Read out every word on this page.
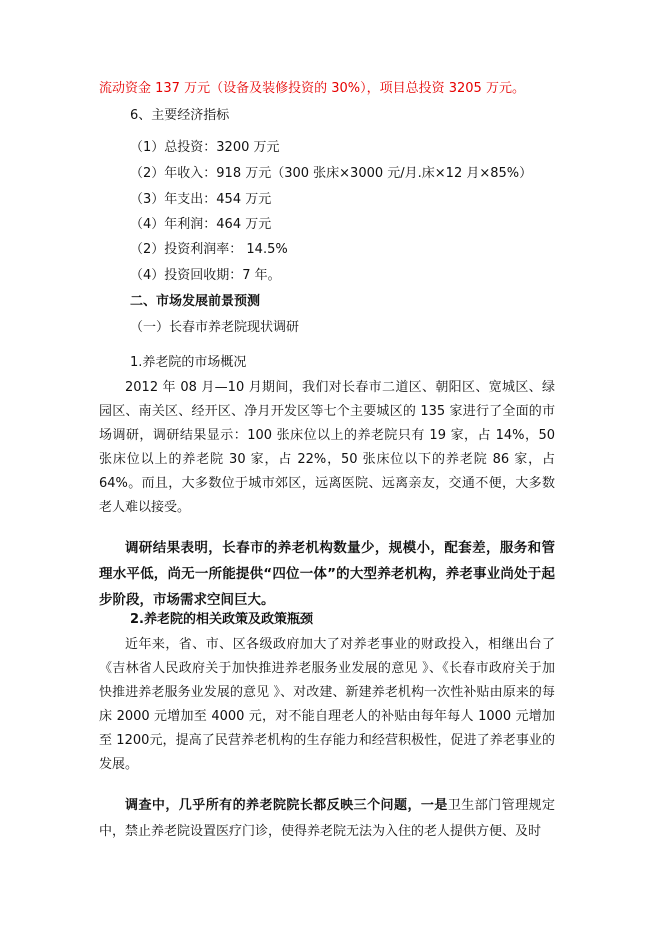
流动资金 137 万元（设备及装修投资的 30%），项目总投资 3205 万元。
6、主要经济指标
（1）总投资：3200 万元
（2）年收入：918 万元（300 张床×3000 元/月.床×12 月×85%）
（3）年支出：454 万元
（4）年利润：464 万元
（2）投资利润率： 14.5%
（4）投资回收期：7 年。
二、市场发展前景预测
（一）长春市养老院现状调研
1.养老院的市场概况
2012 年 08 月—10 月期间，我们对长春市二道区、朝阳区、宽城区、绿园区、南关区、经开区、净月开发区等七个主要城区的 135 家进行了全面的市场调研，调研结果显示：100 张床位以上的养老院只有 19 家，占 14%，50 张床位以上的养老院 30 家，占 22%，50 张床位以下的养老院 86 家，占 64%。而且，大多数位于城市郊区，远离医院、远离亲友，交通不便，大多数老人难以接受。
调研结果表明，长春市的养老机构数量少，规模小，配套差，服务和管理水平低，尚无一所能提供“四位一体”的大型养老机构，养老事业尚处于起步阶段，市场需求空间巨大。
2.养老院的相关政策及政策瓶颈
近年来，省、市、区各级政府加大了对养老事业的财政投入，相继出台了《吉林省人民政府关于加快推进养老服务业发展的意见 》、《长春市政府关于加快推进养老服务业发展的意见 》、对改建、新建养老机构一次性补贴由原来的每床 2000 元增加至 4000 元，对不能自理老人的补贴由每年每人 1000 元增加至 1200元，提高了民营养老机构的生存能力和经营积极性，促进了养老事业的发展。
调查中，几乎所有的养老院院长都反映三个问题，一是卫生部门管理规定中，禁止养老院设置医疗门诊，使得养老院无法为入住的老人提供方便、及时
